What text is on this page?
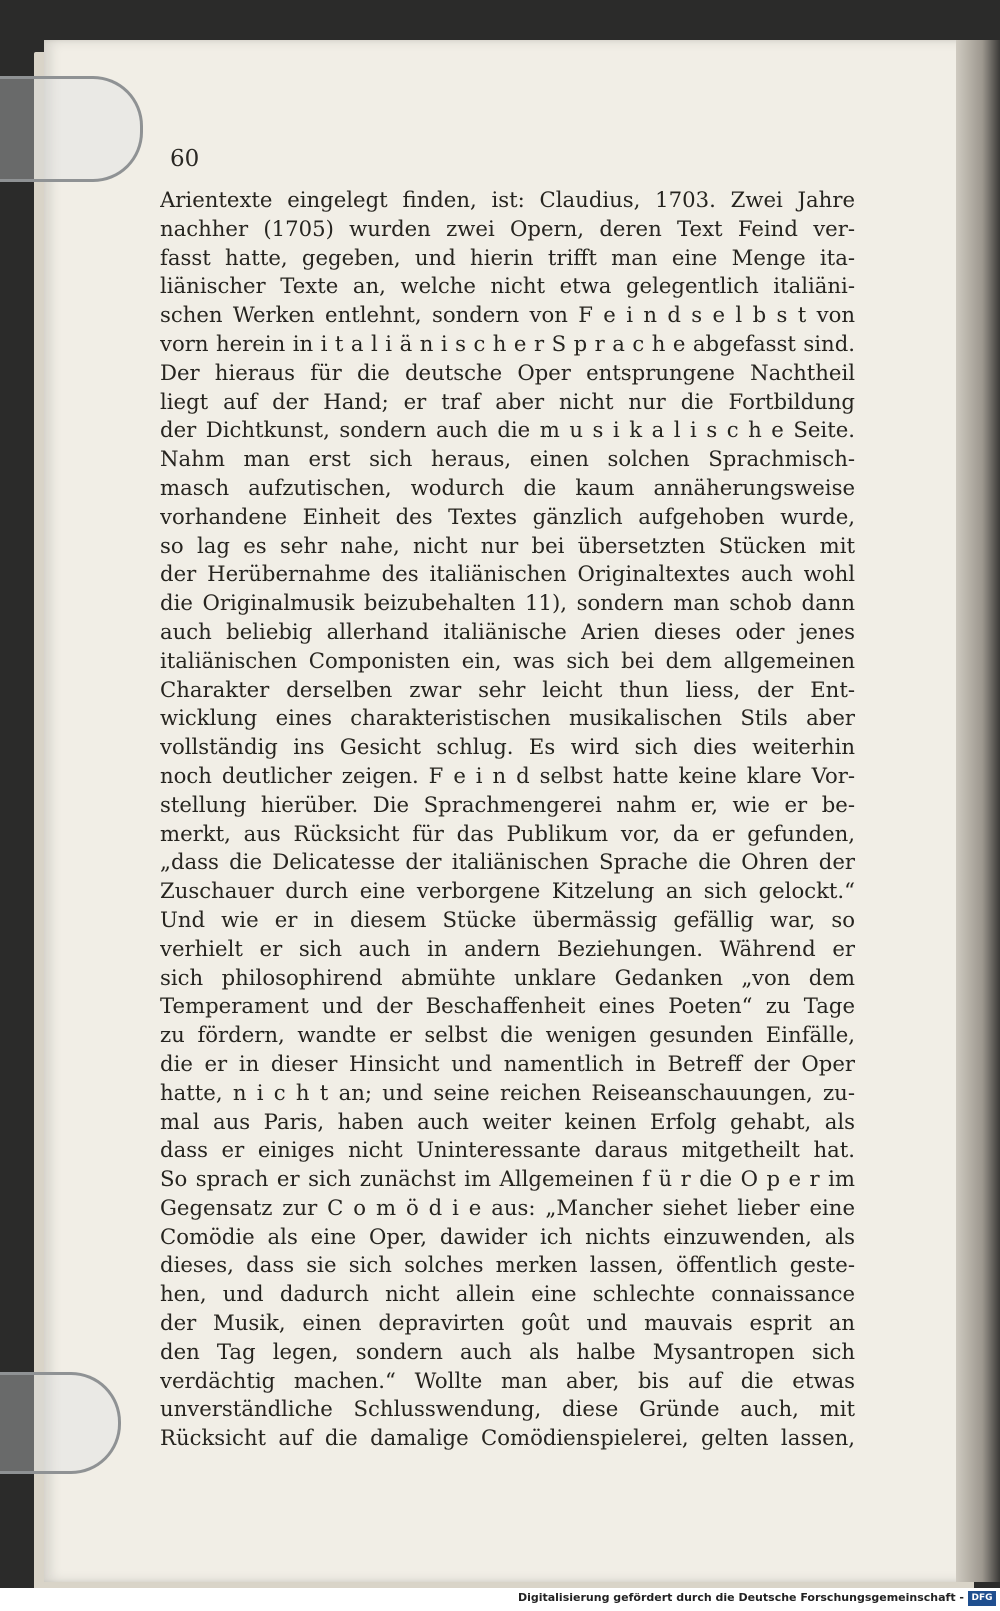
60
Arientexte eingelegt finden, ist: Claudius, 1703. Zwei Jahre
nachher (1705) wurden zwei Opern, deren Text Feind ver-
fasst hatte, gegeben, und hierin trifft man eine Menge ita-
liänischer Texte an, welche nicht etwa gelegentlich italiäni-
schen Werken entlehnt, sondern von F e i n d s e l b s t von
vorn herein in i t a l i ä n i s c h e r S p r a c h e abgefasst sind.
Der hieraus für die deutsche Oper entsprungene Nachtheil
liegt auf der Hand; er traf aber nicht nur die Fortbildung
der Dichtkunst, sondern auch die m u s i k a l i s c h e Seite.
Nahm man erst sich heraus, einen solchen Sprachmisch-
masch aufzutischen, wodurch die kaum annäherungsweise
vorhandene Einheit des Textes gänzlich aufgehoben wurde,
so lag es sehr nahe, nicht nur bei übersetzten Stücken mit
der Herübernahme des italiänischen Originaltextes auch wohl
die Originalmusik beizubehalten 11), sondern man schob dann
auch beliebig allerhand italiänische Arien dieses oder jenes
italiänischen Componisten ein, was sich bei dem allgemeinen
Charakter derselben zwar sehr leicht thun liess, der Ent-
wicklung eines charakteristischen musikalischen Stils aber
vollständig ins Gesicht schlug. Es wird sich dies weiterhin
noch deutlicher zeigen. F e i n d selbst hatte keine klare Vor-
stellung hierüber. Die Sprachmengerei nahm er, wie er be-
merkt, aus Rücksicht für das Publikum vor, da er gefunden,
„dass die Delicatesse der italiänischen Sprache die Ohren der
Zuschauer durch eine verborgene Kitzelung an sich gelockt.“
Und wie er in diesem Stücke übermässig gefällig war, so
verhielt er sich auch in andern Beziehungen. Während er
sich philosophirend abmühte unklare Gedanken „von dem
Temperament und der Beschaffenheit eines Poeten“ zu Tage
zu fördern, wandte er selbst die wenigen gesunden Einfälle,
die er in dieser Hinsicht und namentlich in Betreff der Oper
hatte, n i c h t an; und seine reichen Reiseanschauungen, zu-
mal aus Paris, haben auch weiter keinen Erfolg gehabt, als
dass er einiges nicht Uninteressante daraus mitgetheilt hat.
So sprach er sich zunächst im Allgemeinen f ü r die O p e r im
Gegensatz zur C o m ö d i e aus: „Mancher siehet lieber eine
Comödie als eine Oper, dawider ich nichts einzuwenden, als
dieses, dass sie sich solches merken lassen, öffentlich geste-
hen, und dadurch nicht allein eine schlechte connaissance
der Musik, einen depravirten goût und mauvais esprit an
den Tag legen, sondern auch als halbe Mysantropen sich
verdächtig machen.“ Wollte man aber, bis auf die etwas
unverständliche Schlusswendung, diese Gründe auch, mit
Rücksicht auf die damalige Comödienspielerei, gelten lassen,
Digitalisierung gefördert durch die Deutsche Forschungsgemeinschaft - DFG
